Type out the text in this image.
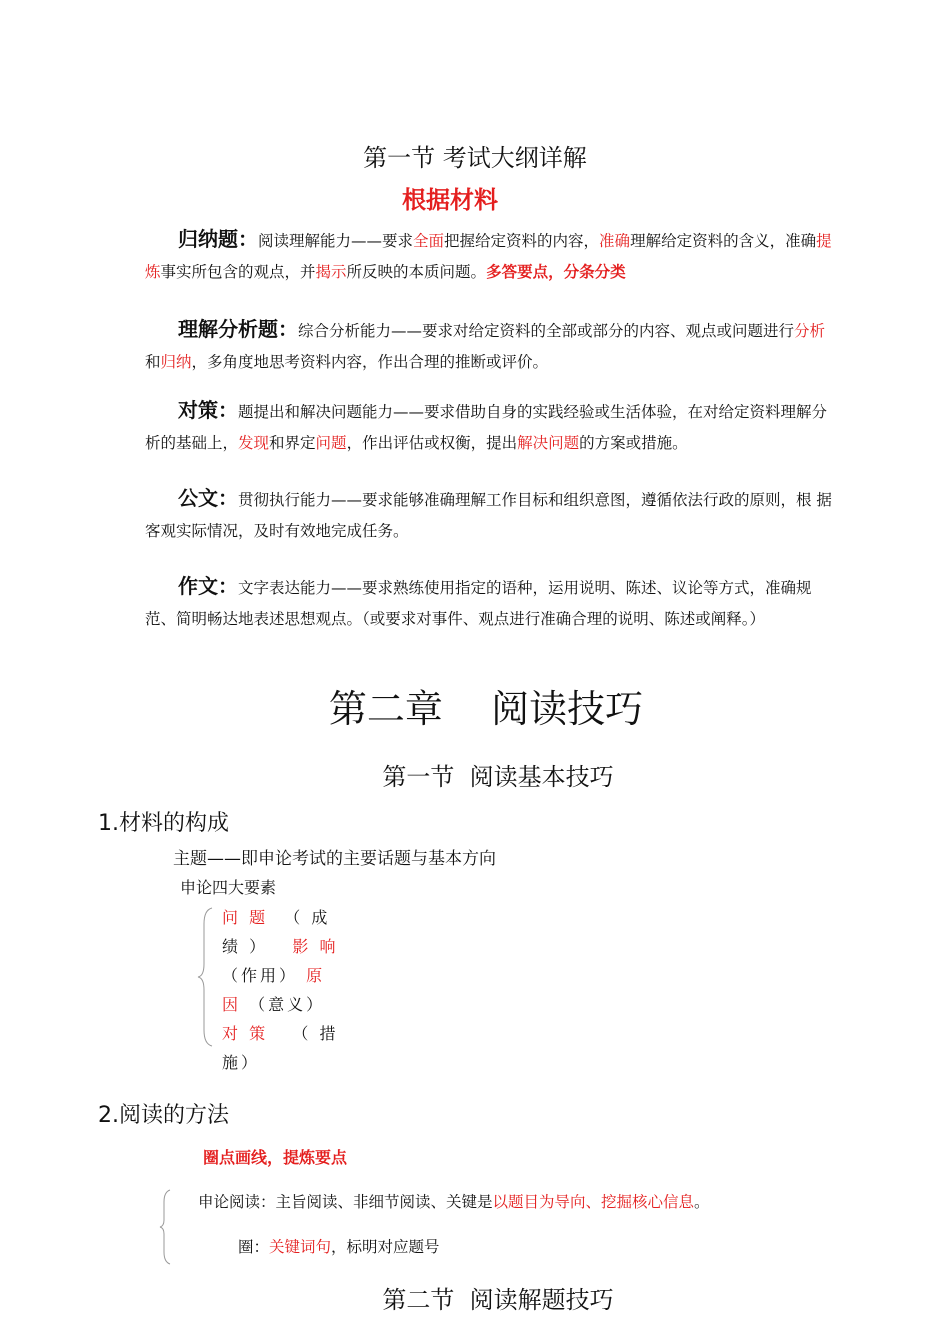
第一节 考试大纲详解
根据材料
归纳题：阅读理解能力——要求全面把握给定资料的内容，准确理解给定资料的含义，准确提炼事实所包含的观点，并揭示所反映的本质问题。多答要点，分条分类
理解分析题：综合分析能力——要求对给定资料的全部或部分的内容、观点或问题进行分析和归纳，多角度地思考资料内容，作出合理的推断或评价。
对策：题提出和解决问题能力——要求借助自身的实践经验或生活体验，在对给定资料理解分析的基础上，发现和界定问题，作出评估或权衡，提出解决问题的方案或措施。
公文：贯彻执行能力——要求能够准确理解工作目标和组织意图，遵循依法行政的原则，根 据客观实际情况，及时有效地完成任务。
作文：文字表达能力——要求熟练使用指定的语种，运用说明、陈述、议论等方式，准确规范、简明畅达地表述思想观点。（或要求对事件、观点进行准确合理的说明、陈述或阐释。）
第二章    阅读技巧
第一节  阅读基本技巧
1.材料的构成
主题——即申论考试的主要话题与基本方向
申论四大要素
问 题  （ 成
绩 ）   影 响
（作用） 原
因 （意义）
对 策   （ 措
施）
2.阅读的方法
圈点画线，提炼要点
申论阅读：主旨阅读、非细节阅读、关键是以题目为导向、挖掘核心信息。
圈：关键词句，标明对应题号
第二节  阅读解题技巧
